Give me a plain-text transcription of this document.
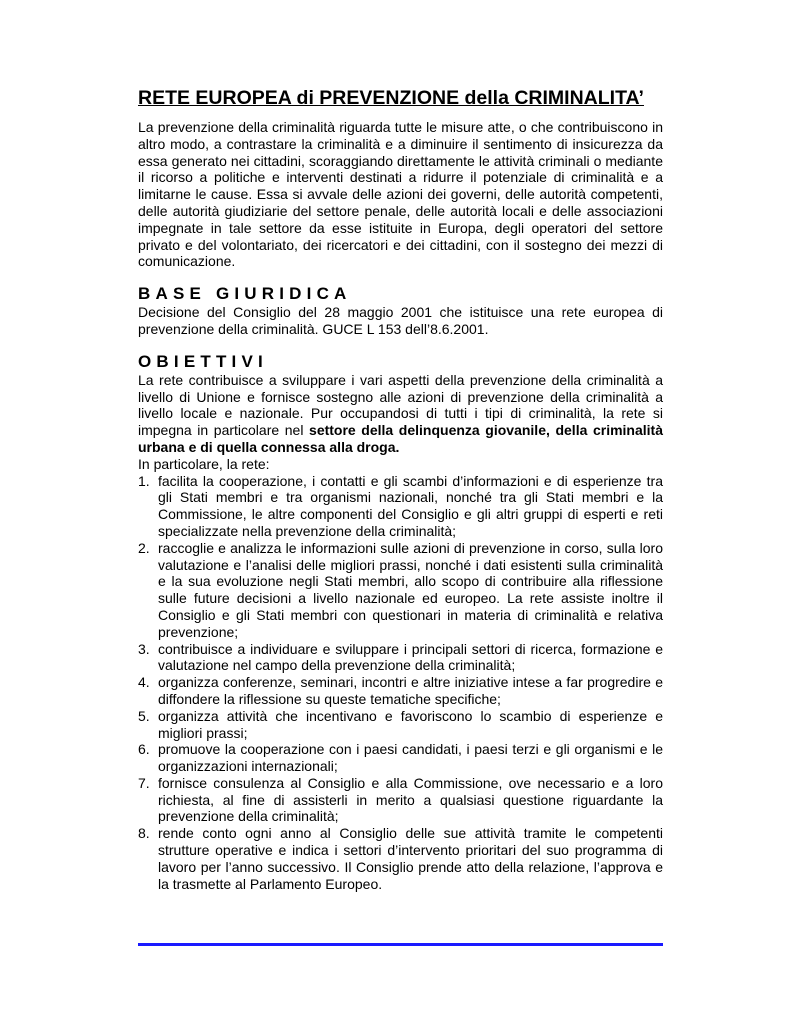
RETE EUROPEA di PREVENZIONE della CRIMINALITA’

La prevenzione della criminalità riguarda tutte le misure atte, o che contribuiscono in altro modo, a contrastare la criminalità e a diminuire il sentimento di insicurezza da essa generato nei cittadini, scoraggiando direttamente le attività criminali o mediante il ricorso a politiche e interventi destinati a ridurre il potenziale di criminalità e a limitarne le cause. Essa si avvale delle azioni dei governi, delle autorità competenti, delle autorità giudiziarie del settore penale, delle autorità locali e delle associazioni impegnate in tale settore da esse istituite in Europa, degli operatori del settore privato e del volontariato, dei ricercatori e dei cittadini, con il sostegno dei mezzi di comunicazione.

BASE GIURIDICA

Decisione del Consiglio del 28 maggio 2001 che istituisce una rete europea di prevenzione della criminalità. GUCE L 153 dell’8.6.2001.

OBIETTIVI

La rete contribuisce a sviluppare i vari aspetti della prevenzione della criminalità a livello di Unione e fornisce sostegno alle azioni di prevenzione della criminalità a livello locale e nazionale. Pur occupandosi di tutti i tipi di criminalità, la rete si impegna in particolare nel settore della delinquenza giovanile, della criminalità urbana e di quella connessa alla droga.

In particolare, la rete:

1. facilita la cooperazione, i contatti e gli scambi d’informazioni e di esperienze tra gli Stati membri e tra organismi nazionali, nonché tra gli Stati membri e la Commissione, le altre componenti del Consiglio e gli altri gruppi di esperti e reti specializzate nella prevenzione della criminalità;
2. raccoglie e analizza le informazioni sulle azioni di prevenzione in corso, sulla loro valutazione e l’analisi delle migliori prassi, nonché i dati esistenti sulla criminalità e la sua evoluzione negli Stati membri, allo scopo di contribuire alla riflessione sulle future decisioni a livello nazionale ed europeo. La rete assiste inoltre il Consiglio e gli Stati membri con questionari in materia di criminalità e relativa prevenzione;
3. contribuisce a individuare e sviluppare i principali settori di ricerca, formazione e valutazione nel campo della prevenzione della criminalità;
4. organizza conferenze, seminari, incontri e altre iniziative intese a far progredire e diffondere la riflessione su queste tematiche specifiche;
5. organizza attività che incentivano e favoriscono lo scambio di esperienze e migliori prassi;
6. promuove la cooperazione con i paesi candidati, i paesi terzi e gli organismi e le organizzazioni internazionali;
7. fornisce consulenza al Consiglio e alla Commissione, ove necessario e a loro richiesta, al fine di assisterli in merito a qualsiasi questione riguardante la prevenzione della criminalità;
8. rende conto ogni anno al Consiglio delle sue attività tramite le competenti strutture operative e indica i settori d’intervento prioritari del suo programma di lavoro per l’anno successivo. Il Consiglio prende atto della relazione, l’approva e la trasmette al Parlamento Europeo.
